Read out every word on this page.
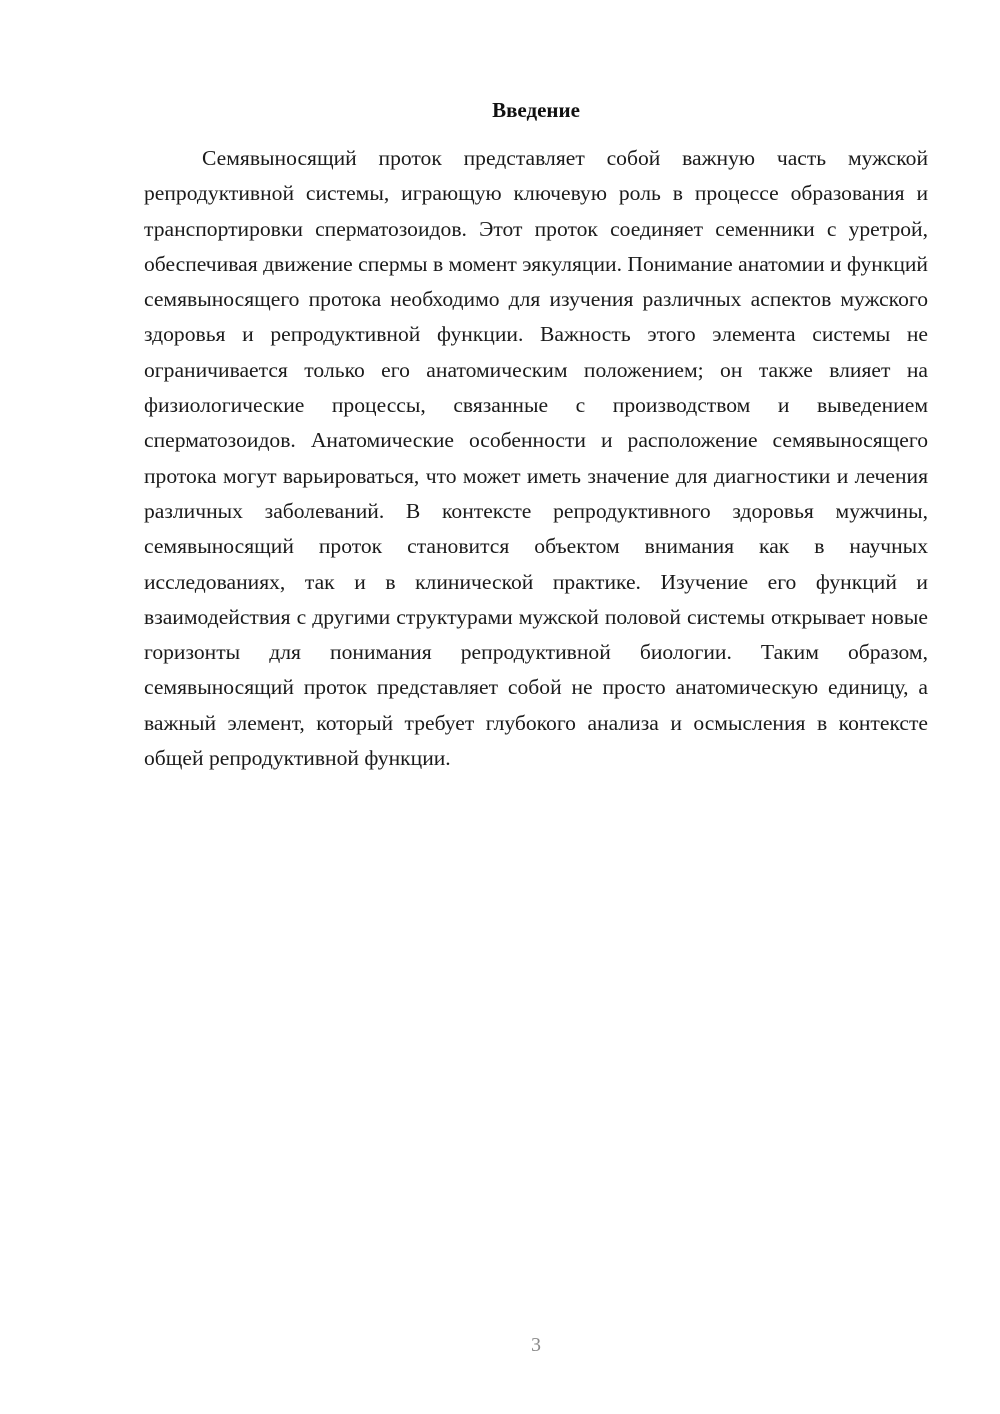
Введение

Семявыносящий проток представляет собой важную часть мужской репродуктивной системы, играющую ключевую роль в процессе образования и транспортировки сперматозоидов. Этот проток соединяет семенники с уретрой, обеспечивая движение спермы в момент эякуляции. Понимание анатомии и функций семявыносящего протока необходимо для изучения различных аспектов мужского здоровья и репродуктивной функции. Важность этого элемента системы не ограничивается только его анатомическим положением; он также влияет на физиологические процессы, связанные с производством и выведением сперматозоидов. Анатомические особенности и расположение семявыносящего протока могут варьироваться, что может иметь значение для диагностики и лечения различных заболеваний. В контексте репродуктивного здоровья мужчины, семявыносящий проток становится объектом внимания как в научных исследованиях, так и в клинической практике. Изучение его функций и взаимодействия с другими структурами мужской половой системы открывает новые горизонты для понимания репродуктивной биологии. Таким образом, семявыносящий проток представляет собой не просто анатомическую единицу, а важный элемент, который требует глубокого анализа и осмысления в контексте общей репродуктивной функции.

3
